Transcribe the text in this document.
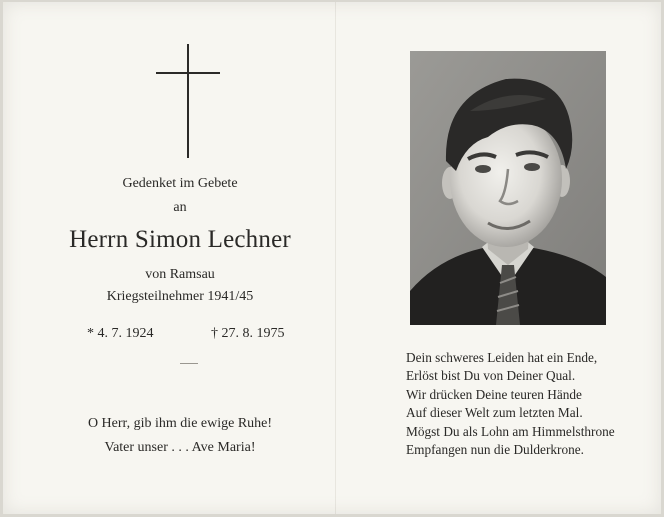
Gedenket im Gebete
an
Herrn Simon Lechner
von Ramsau
Kriegsteilnehmer 1941/45
* 4. 7. 1924	† 27. 8. 1975
O Herr, gib ihm die ewige Ruhe!
Vater unser . . . Ave Maria!
Dein schweres Leiden hat ein Ende,
Erlöst bist Du von Deiner Qual.
Wir drücken Deine teuren Hände
Auf dieser Welt zum letzten Mal.
Mögst Du als Lohn am Himmelsthrone
Empfangen nun die Dulderkrone.
